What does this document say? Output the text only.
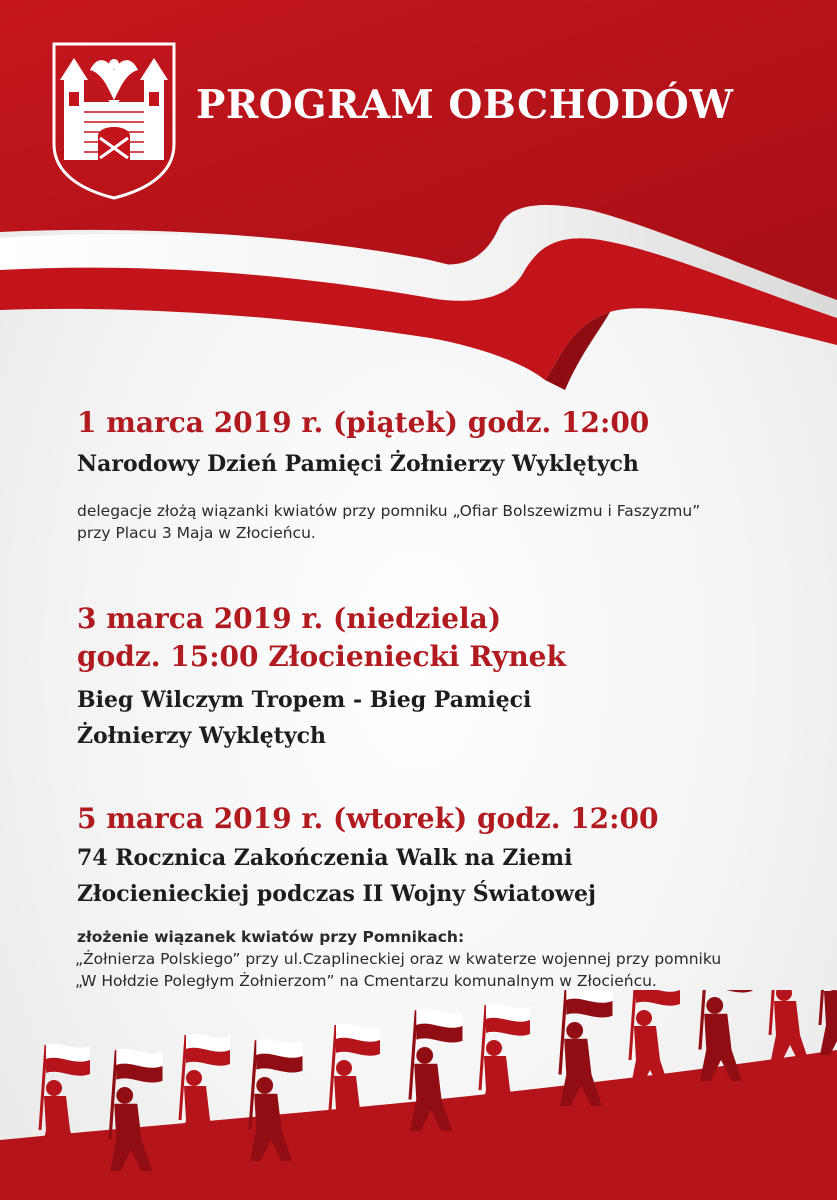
PROGRAM OBCHODÓW
1 marca 2019 r. (piątek) godz. 12:00
Narodowy Dzień Pamięci Żołnierzy Wyklętych
delegacje złożą wiązanki kwiatów przy pomniku „Ofiar Bolszewizmu i Faszyzmu”
przy Placu 3 Maja w Złocieńcu.
3 marca 2019 r. (niedziela)
godz. 15:00 Złocieniecki Rynek
Bieg Wilczym Tropem - Bieg Pamięci
Żołnierzy Wyklętych
5 marca 2019 r. (wtorek) godz. 12:00
74 Rocznica Zakończenia Walk na Ziemi
Złocienieckiej podczas II Wojny Światowej
złożenie wiązanek kwiatów przy Pomnikach:
„Żołnierza Polskiego” przy ul.Czaplineckiej oraz w kwaterze wojennej przy pomniku
„W Hołdzie Poległym Żołnierzom” na Cmentarzu komunalnym w Złocieńcu.
